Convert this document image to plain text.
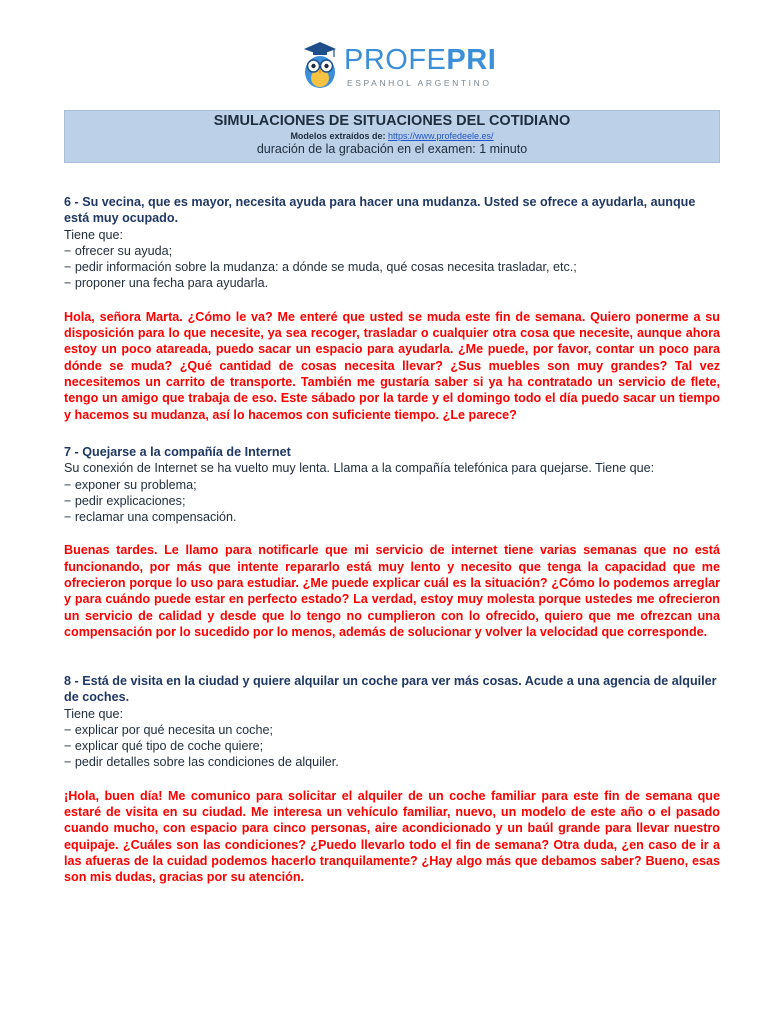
PROFEPRI
ESPANHOL ARGENTINO
SIMULACIONES DE SITUACIONES DEL COTIDIANO
Modelos extraídos de: https://www.profedeele.es/
duración de la grabación en el examen: 1 minuto
6 - Su vecina, que es mayor, necesita ayuda para hacer una mudanza. Usted se ofrece a ayudarla, aunque está muy ocupado.
Tiene que:
− ofrecer su ayuda;
− pedir información sobre la mudanza: a dónde se muda, qué cosas necesita trasladar, etc.;
− proponer una fecha para ayudarla.
Hola, señora Marta. ¿Cómo le va? Me enteré que usted se muda este fin de semana. Quiero ponerme a su disposición para lo que necesite, ya sea recoger, trasladar o cualquier otra cosa que necesite, aunque ahora estoy un poco atareada, puedo sacar un espacio para ayudarla. ¿Me puede, por favor, contar un poco para dónde se muda? ¿Qué cantidad de cosas necesita llevar? ¿Sus muebles son muy grandes? Tal vez necesitemos un carrito de transporte. También me gustaría saber si ya ha contratado un servicio de flete, tengo un amigo que trabaja de eso. Este sábado por la tarde y el domingo todo el día puedo sacar un tiempo y hacemos su mudanza, así lo hacemos con suficiente tiempo. ¿Le parece?
7 - Quejarse a la compañía de Internet
Su conexión de Internet se ha vuelto muy lenta. Llama a la compañía telefónica para quejarse. Tiene que:
− exponer su problema;
− pedir explicaciones;
− reclamar una compensación.
Buenas tardes. Le llamo para notificarle que mi servicio de internet tiene varias semanas que no está funcionando, por más que intente repararlo está muy lento y necesito que tenga la capacidad que me ofrecieron porque lo uso para estudiar. ¿Me puede explicar cuál es la situación? ¿Cómo lo podemos arreglar y para cuándo puede estar en perfecto estado? La verdad, estoy muy molesta porque ustedes me ofrecieron un servicio de calidad y desde que lo tengo no cumplieron con lo ofrecido, quiero que me ofrezcan una compensación por lo sucedido por lo menos, además de solucionar y volver la velocidad que corresponde.
8 - Está de visita en la ciudad y quiere alquilar un coche para ver más cosas. Acude a una agencia de alquiler de coches.
Tiene que:
− explicar por qué necesita un coche;
− explicar qué tipo de coche quiere;
− pedir detalles sobre las condiciones de alquiler.
¡Hola, buen día! Me comunico para solicitar el alquiler de un coche familiar para este fin de semana que estaré de visita en su ciudad. Me interesa un vehículo familiar, nuevo, un modelo de este año o el pasado cuando mucho, con espacio para cinco personas, aire acondicionado y un baúl grande para llevar nuestro equipaje. ¿Cuáles son las condiciones? ¿Puedo llevarlo todo el fin de semana? Otra duda, ¿en caso de ir a las afueras de la cuidad podemos hacerlo tranquilamente? ¿Hay algo más que debamos saber? Bueno, esas son mis dudas, gracias por su atención.
